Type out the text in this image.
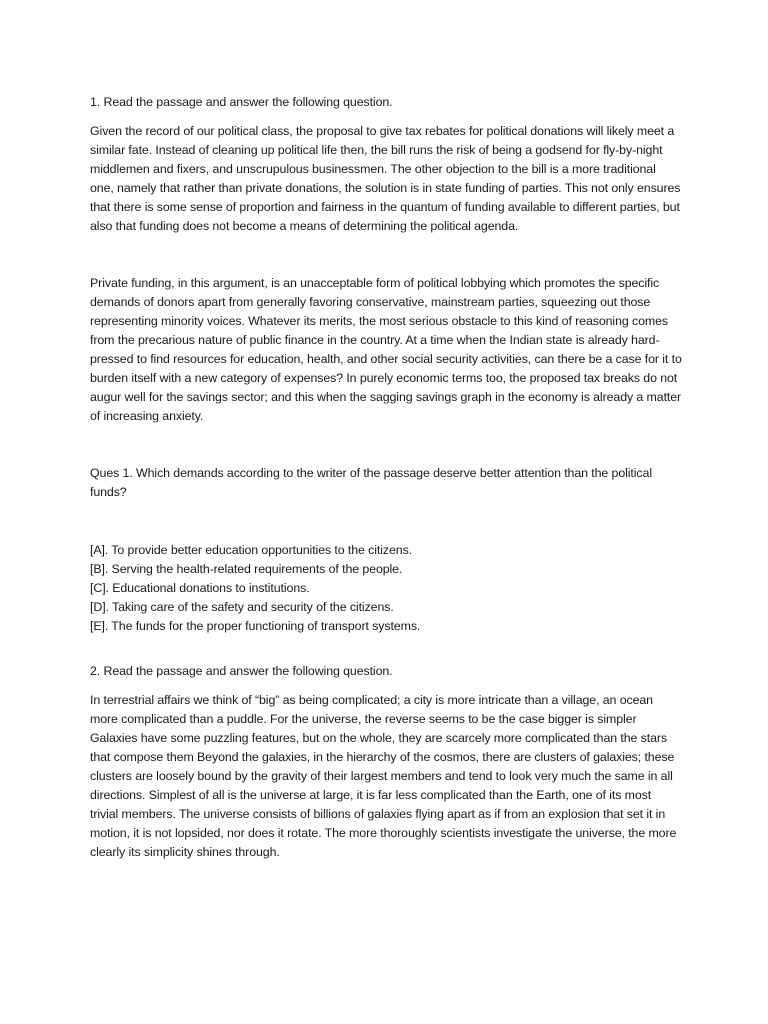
1. Read the passage and answer the following question.

Given the record of our political class, the proposal to give tax rebates for political donations will likely meet a similar fate. Instead of cleaning up political life then, the bill runs the risk of being a godsend for fly-by-night middlemen and fixers, and unscrupulous businessmen. The other objection to the bill is a more traditional one, namely that rather than private donations, the solution is in state funding of parties. This not only ensures that there is some sense of proportion and fairness in the quantum of funding available to different parties, but also that funding does not become a means of determining the political agenda.

Private funding, in this argument, is an unacceptable form of political lobbying which promotes the specific demands of donors apart from generally favoring conservative, mainstream parties, squeezing out those representing minority voices. Whatever its merits, the most serious obstacle to this kind of reasoning comes from the precarious nature of public finance in the country. At a time when the Indian state is already hard-pressed to find resources for education, health, and other social security activities, can there be a case for it to burden itself with a new category of expenses? In purely economic terms too, the proposed tax breaks do not augur well for the savings sector; and this when the sagging savings graph in the economy is already a matter of increasing anxiety.

Ques 1. Which demands according to the writer of the passage deserve better attention than the political funds?

[A]. To provide better education opportunities to the citizens.

[B]. Serving the health-related requirements of the people.

[C]. Educational donations to institutions.

[D]. Taking care of the safety and security of the citizens.

[E]. The funds for the proper functioning of transport systems.

2. Read the passage and answer the following question.

In terrestrial affairs we think of “big” as being complicated; a city is more intricate than a village, an ocean more complicated than a puddle. For the universe, the reverse seems to be the case bigger is simpler Galaxies have some puzzling features, but on the whole, they are scarcely more complicated than the stars that compose them Beyond the galaxies, in the hierarchy of the cosmos, there are clusters of galaxies; these clusters are loosely bound by the gravity of their largest members and tend to look very much the same in all directions. Simplest of all is the universe at large, it is far less complicated than the Earth, one of its most trivial members. The universe consists of billions of galaxies flying apart as if from an explosion that set it in motion, it is not lopsided, nor does it rotate. The more thoroughly scientists investigate the universe, the more clearly its simplicity shines through.
